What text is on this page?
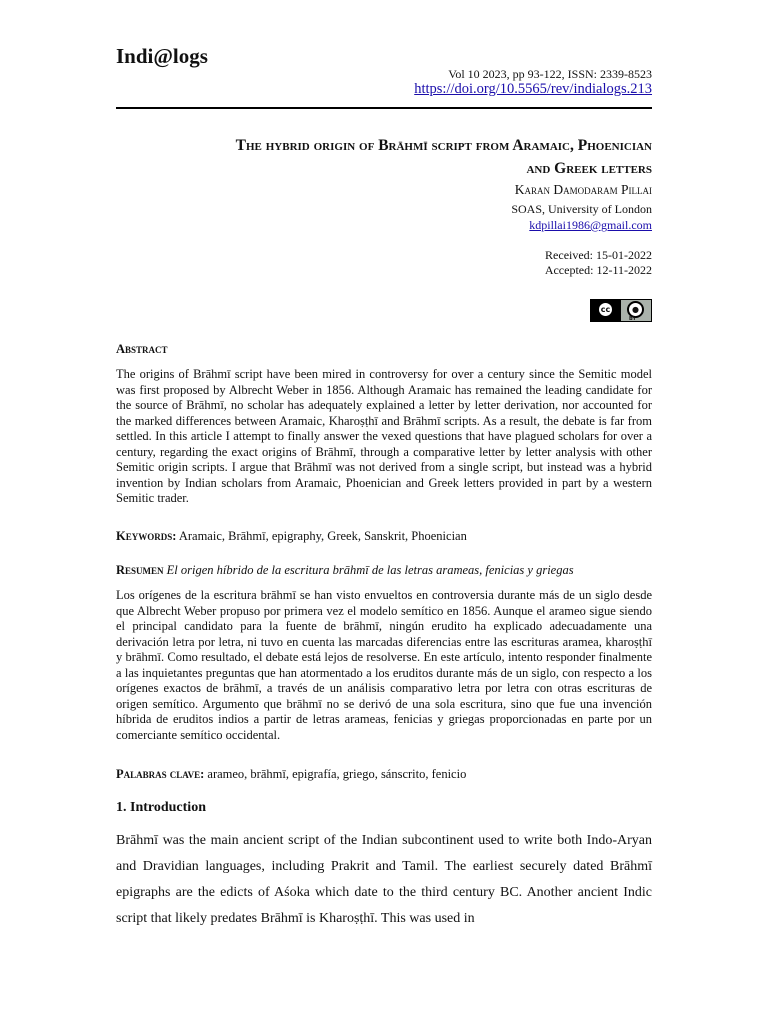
Indi@logs
Vol 10 2023, pp 93-122, ISSN: 2339-8523
https://doi.org/10.5565/rev/indialogs.213
The hybrid origin of Brāhmī script from Aramaic, Phoenician
and Greek letters
Karan Damodaram Pillai
SOAS, University of London
kdpillai1986@gmail.com
Received: 15-01-2022
Accepted: 12-11-2022
cc	●
BY
Abstract
The origins of Brāhmī script have been mired in controversy for over a century since the Semitic model was first proposed by Albrecht Weber in 1856. Although Aramaic has remained the leading candidate for the source of Brāhmī, no scholar has adequately explained a letter by letter derivation, nor accounted for the marked differences between Aramaic, Kharoṣṭhī and Brāhmī scripts. As a result, the debate is far from settled. In this article I attempt to finally answer the vexed questions that have plagued scholars for over a century, regarding the exact origins of Brāhmī, through a comparative letter by letter analysis with other Semitic origin scripts. I argue that Brāhmī was not derived from a single script, but instead was a hybrid invention by Indian scholars from Aramaic, Phoenician and Greek letters provided in part by a western Semitic trader.
Keywords: Aramaic, Brāhmī, epigraphy, Greek, Sanskrit, Phoenician
Resumen El origen híbrido de la escritura brāhmī de las letras arameas, fenicias y griegas
Los orígenes de la escritura brāhmī se han visto envueltos en controversia durante más de un siglo desde que Albrecht Weber propuso por primera vez el modelo semítico en 1856. Aunque el arameo sigue siendo el principal candidato para la fuente de brāhmī, ningún erudito ha explicado adecuadamente una derivación letra por letra, ni tuvo en cuenta las marcadas diferencias entre las escrituras aramea, kharoṣṭhī y brāhmī. Como resultado, el debate está lejos de resolverse. En este artículo, intento responder finalmente a las inquietantes preguntas que han atormentado a los eruditos durante más de un siglo, con respecto a los orígenes exactos de brāhmī, a través de un análisis comparativo letra por letra con otras escrituras de origen semítico. Argumento que brāhmī no se derivó de una sola escritura, sino que fue una invención híbrida de eruditos indios a partir de letras arameas, fenicias y griegas proporcionadas en parte por un comerciante semítico occidental.
Palabras clave: arameo, brāhmī, epigrafía, griego, sánscrito, fenicio
1. Introduction
Brāhmī was the main ancient script of the Indian subcontinent used to write both Indo-Aryan and Dravidian languages, including Prakrit and Tamil. The earliest securely dated Brāhmī epigraphs are the edicts of Aśoka which date to the third century BC. Another ancient Indic script that likely predates Brāhmī is Kharoṣṭhī. This was used in
